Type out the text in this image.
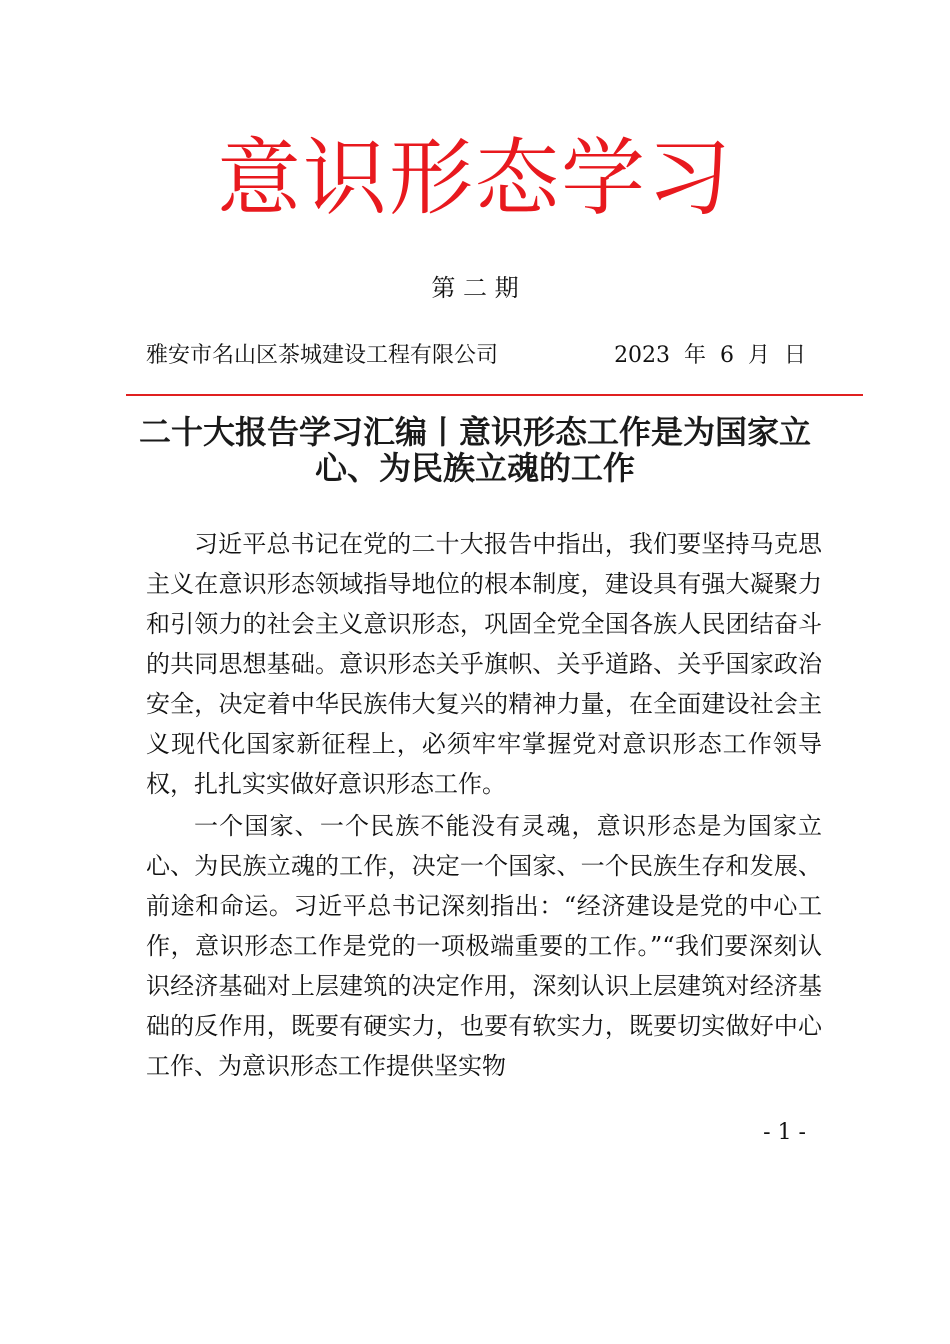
意识形态学习
第 二 期
雅安市名山区茶城建设工程有限公司	2023  年  6  月  日
二十大报告学习汇编丨意识形态工作是为国家立心、为民族立魂的工作

习近平总书记在党的二十大报告中指出，我们要坚持马克思主义在意识形态领域指导地位的根本制度，建设具有强大凝聚力和引领力的社会主义意识形态，巩固全党全国各族人民团结奋斗的共同思想基础。意识形态关乎旗帜、关乎道路、关乎国家政治安全，决定着中华民族伟大复兴的精神力量，在全面建设社会主义现代化国家新征程上，必须牢牢掌握党对意识形态工作领导权，扎扎实实做好意识形态工作。

一个国家、一个民族不能没有灵魂，意识形态是为国家立心、为民族立魂的工作，决定一个国家、一个民族生存和发展、前途和命运。习近平总书记深刻指出：“经济建设是党的中心工作，意识形态工作是党的一项极端重要的工作。”“我们要深刻认识经济基础对上层建筑的决定作用，深刻认识上层建筑对经济基础的反作用，既要有硬实力，也要有软实力，既要切实做好中心工作、为意识形态工作提供坚实物

- 1 -
